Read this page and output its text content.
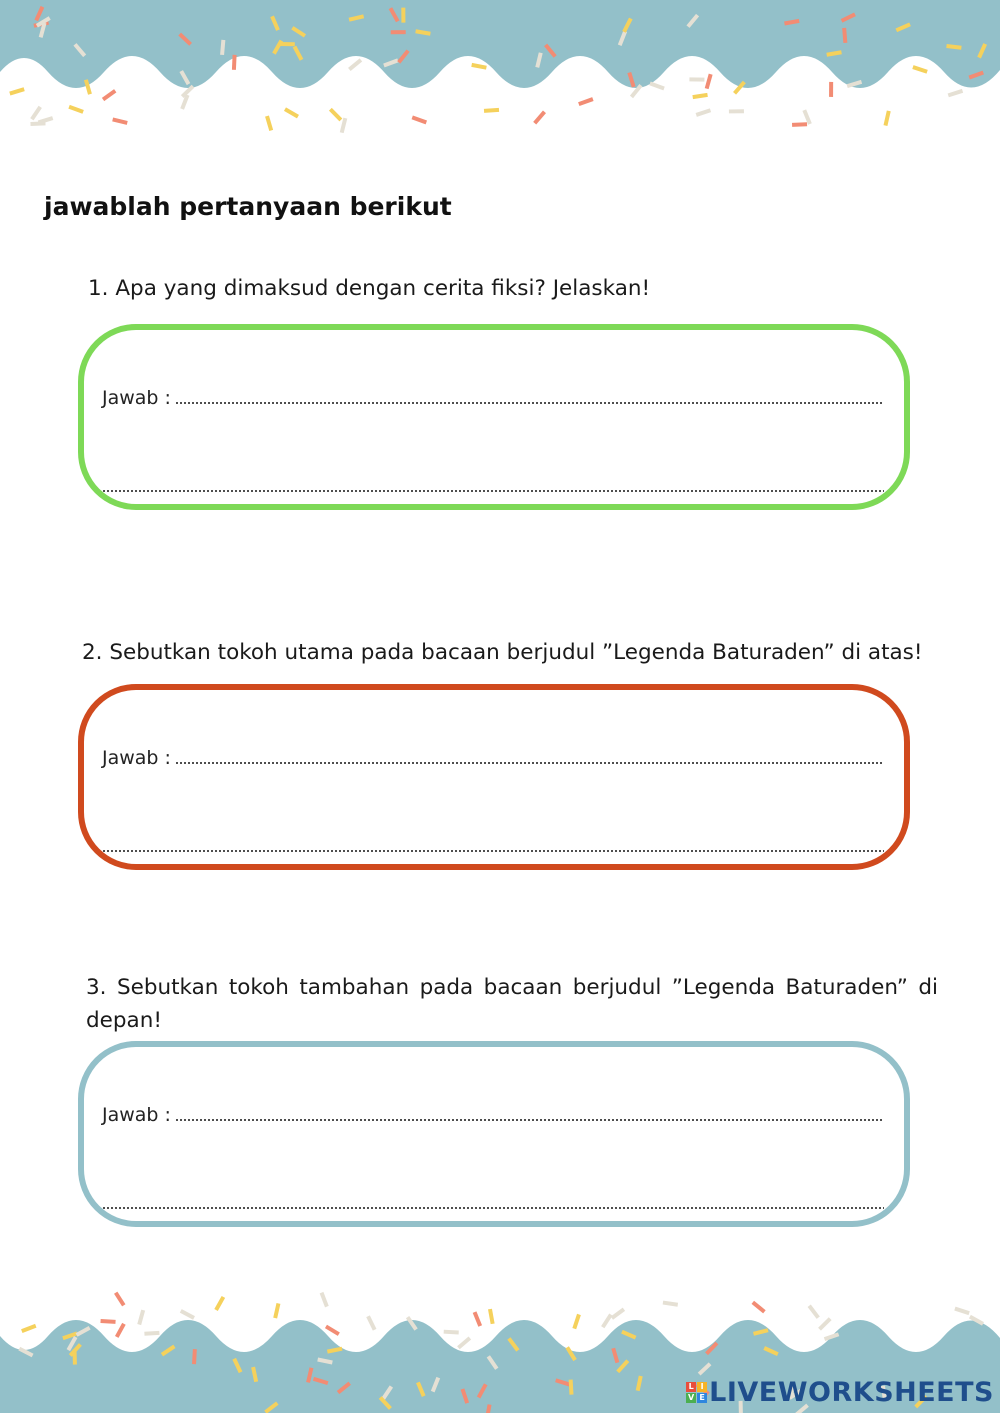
jawablah pertanyaan berikut

1. Apa yang dimaksud dengan cerita fiksi? Jelaskan!

Jawab :

2. Sebutkan tokoh utama pada bacaan berjudul ”Legenda Baturaden” di atas!

Jawab :

3. Sebutkan tokoh tambahan pada bacaan berjudul ”Legenda Baturaden” di depan!

Jawab :
L I
V E LIVEWORKSHEETS
